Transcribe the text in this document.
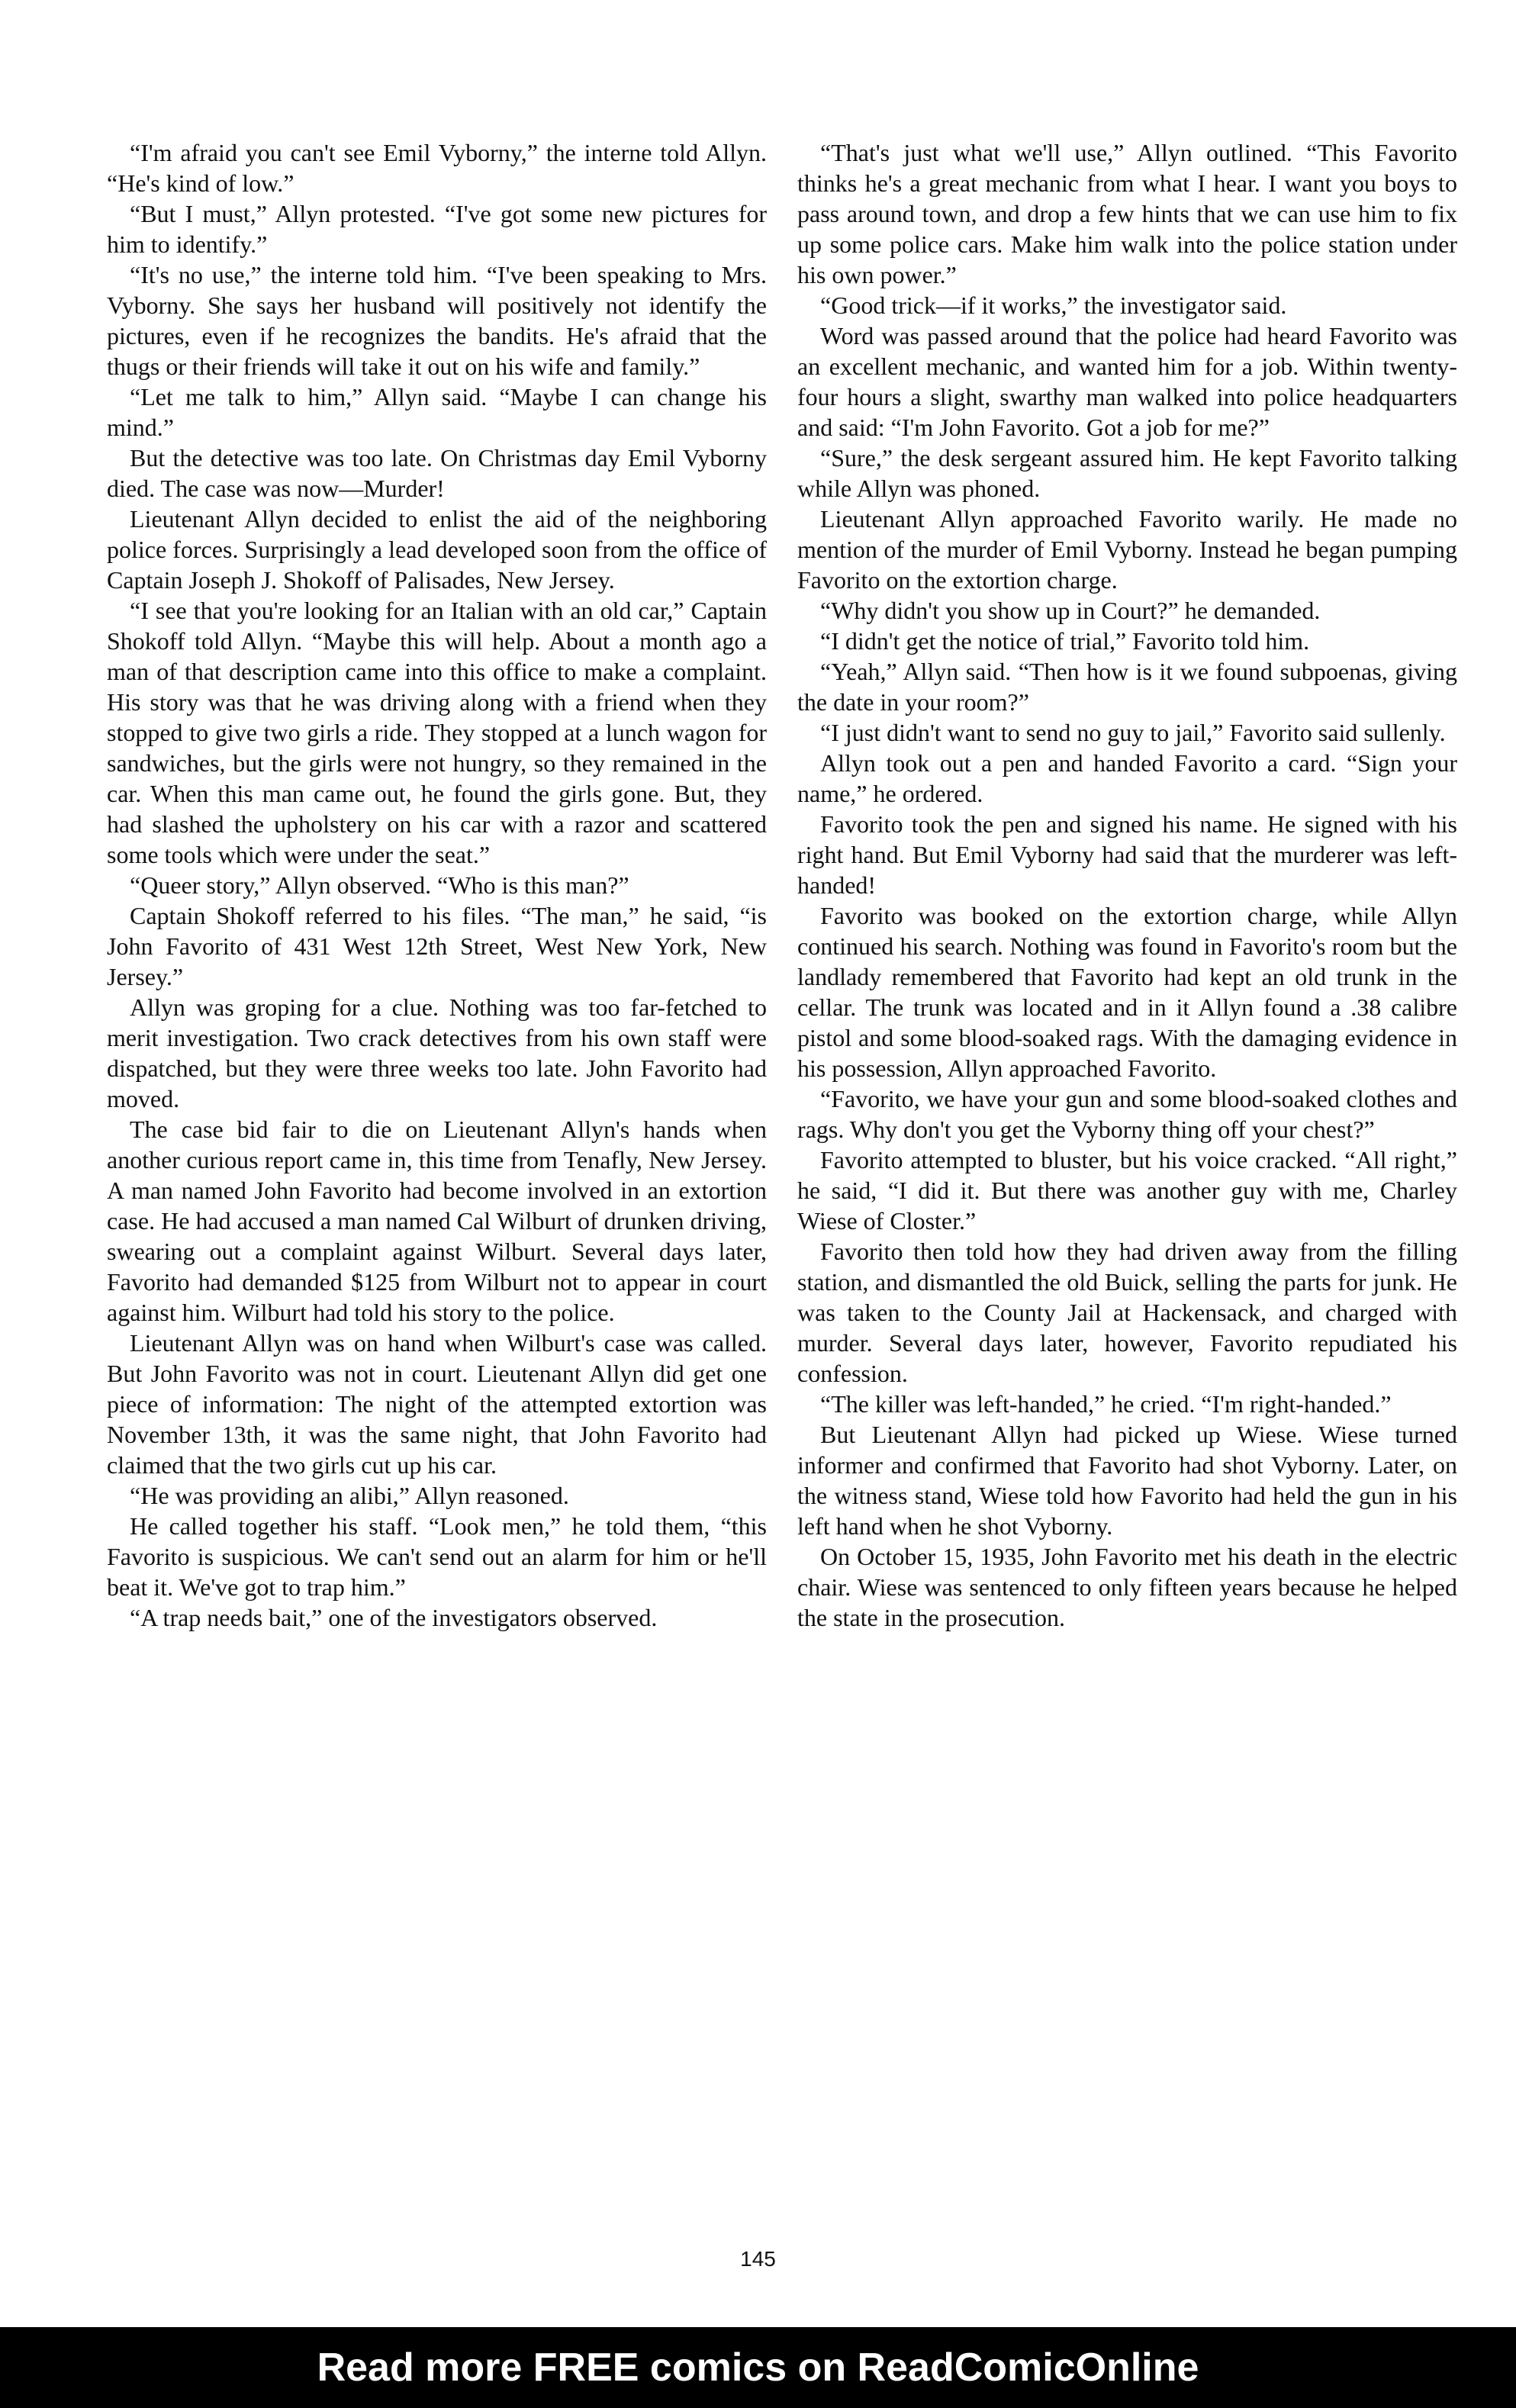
“I'm afraid you can't see Emil Vyborny,” the interne told Allyn. “He's kind of low.”

“But I must,” Allyn protested. “I've got some new pictures for him to identify.”

“It's no use,” the interne told him. “I've been speaking to Mrs. Vyborny. She says her husband will positively not identify the pictures, even if he recognizes the bandits. He's afraid that the thugs or their friends will take it out on his wife and family.”

“Let me talk to him,” Allyn said. “Maybe I can change his mind.”

But the detective was too late. On Christmas day Emil Vyborny died. The case was now—Murder!

Lieutenant Allyn decided to enlist the aid of the neighboring police forces. Surprisingly a lead developed soon from the office of Captain Joseph J. Shokoff of Palisades, New Jersey.

“I see that you're looking for an Italian with an old car,” Captain Shokoff told Allyn. “Maybe this will help. About a month ago a man of that description came into this office to make a complaint. His story was that he was driving along with a friend when they stopped to give two girls a ride. They stopped at a lunch wagon for sandwiches, but the girls were not hungry, so they remained in the car. When this man came out, he found the girls gone. But, they had slashed the upholstery on his car with a razor and scattered some tools which were under the seat.”

“Queer story,” Allyn observed. “Who is this man?”

Captain Shokoff referred to his files. “The man,” he said, “is John Favorito of 431 West 12th Street, West New York, New Jersey.”

Allyn was groping for a clue. Nothing was too far-fetched to merit investigation. Two crack detectives from his own staff were dispatched, but they were three weeks too late. John Favorito had moved.

The case bid fair to die on Lieutenant Allyn's hands when another curious report came in, this time from Tenafly, New Jersey. A man named John Favorito had become involved in an extortion case. He had accused a man named Cal Wilburt of drunken driving, swearing out a complaint against Wilburt. Several days later, Favorito had demanded $125 from Wilburt not to appear in court against him. Wilburt had told his story to the police.

Lieutenant Allyn was on hand when Wilburt's case was called. But John Favorito was not in court. Lieutenant Allyn did get one piece of information: The night of the attempted extortion was November 13th, it was the same night, that John Favorito had claimed that the two girls cut up his car.

“He was providing an alibi,” Allyn reasoned.

He called together his staff. “Look men,” he told them, “this Favorito is suspicious. We can't send out an alarm for him or he'll beat it. We've got to trap him.”

“A trap needs bait,” one of the investigators observed.

“That's just what we'll use,” Allyn outlined. “This Favorito thinks he's a great mechanic from what I hear. I want you boys to pass around town, and drop a few hints that we can use him to fix up some police cars. Make him walk into the police station under his own power.”

“Good trick—if it works,” the investigator said.

Word was passed around that the police had heard Favorito was an excellent mechanic, and wanted him for a job. Within twenty-four hours a slight, swarthy man walked into police headquarters and said: “I'm John Favorito. Got a job for me?”

“Sure,” the desk sergeant assured him. He kept Favorito talking while Allyn was phoned.

Lieutenant Allyn approached Favorito warily. He made no mention of the murder of Emil Vyborny. Instead he began pumping Favorito on the extortion charge.

“Why didn't you show up in Court?” he demanded.

“I didn't get the notice of trial,” Favorito told him.

“Yeah,” Allyn said. “Then how is it we found subpoenas, giving the date in your room?”

“I just didn't want to send no guy to jail,” Favorito said sullenly.

Allyn took out a pen and handed Favorito a card. “Sign your name,” he ordered.

Favorito took the pen and signed his name. He signed with his right hand. But Emil Vyborny had said that the murderer was left-handed!

Favorito was booked on the extortion charge, while Allyn continued his search. Nothing was found in Favorito's room but the landlady remembered that Favorito had kept an old trunk in the cellar. The trunk was located and in it Allyn found a .38 calibre pistol and some blood-soaked rags. With the damaging evidence in his possession, Allyn approached Favorito.

“Favorito, we have your gun and some blood-soaked clothes and rags. Why don't you get the Vyborny thing off your chest?”

Favorito attempted to bluster, but his voice cracked. “All right,” he said, “I did it. But there was another guy with me, Charley Wiese of Closter.”

Favorito then told how they had driven away from the filling station, and dismantled the old Buick, selling the parts for junk. He was taken to the County Jail at Hackensack, and charged with murder. Several days later, however, Favorito repudiated his confession.

“The killer was left-handed,” he cried. “I'm right-handed.”

But Lieutenant Allyn had picked up Wiese. Wiese turned informer and confirmed that Favorito had shot Vyborny. Later, on the witness stand, Wiese told how Favorito had held the gun in his left hand when he shot Vyborny.

On October 15, 1935, John Favorito met his death in the electric chair. Wiese was sentenced to only fifteen years because he helped the state in the prosecution.

145
Read more FREE comics on ReadComicOnline
